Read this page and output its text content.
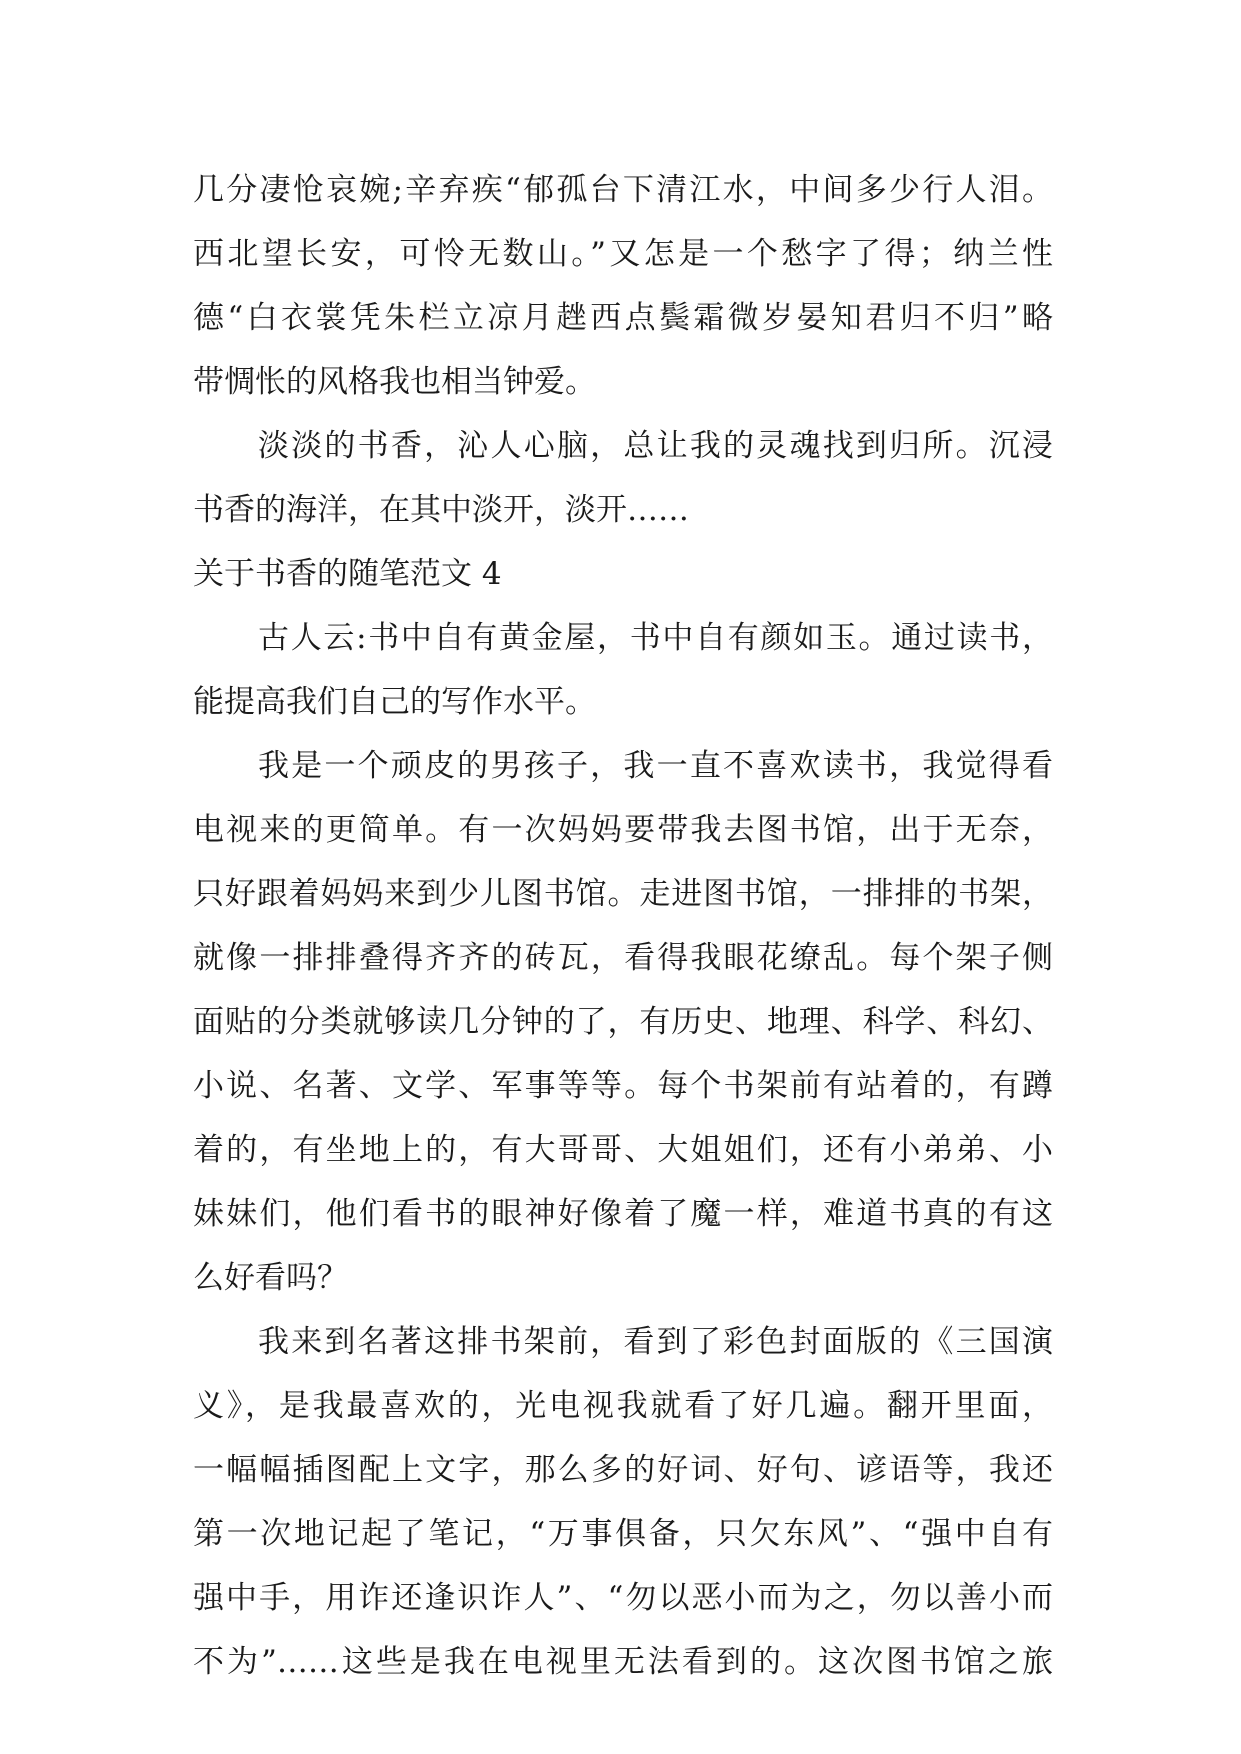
几分凄怆哀婉;辛弃疾“郁孤台下清江水，中间多少行人泪。
西北望长安，可怜无数山。”又怎是一个愁字了得；纳兰性
德“白衣裳凭朱栏立凉月趖西点鬓霜微岁晏知君归不归”略
带惆怅的风格我也相当钟爱。
淡淡的书香，沁人心脑，总让我的灵魂找到归所。沉浸
书香的海洋，在其中淡开，淡开……
关于书香的随笔范文 4
古人云:书中自有黄金屋，书中自有颜如玉。通过读书，
能提高我们自己的写作水平。
我是一个顽皮的男孩子，我一直不喜欢读书，我觉得看
电视来的更简单。有一次妈妈要带我去图书馆，出于无奈，
只好跟着妈妈来到少儿图书馆。走进图书馆，一排排的书架，
就像一排排叠得齐齐的砖瓦，看得我眼花缭乱。每个架子侧
面贴的分类就够读几分钟的了，有历史、地理、科学、科幻、
小说、名著、文学、军事等等。每个书架前有站着的，有蹲
着的，有坐地上的，有大哥哥、大姐姐们，还有小弟弟、小
妹妹们，他们看书的眼神好像着了魔一样，难道书真的有这
么好看吗？
我来到名著这排书架前，看到了彩色封面版的《三国演
义》，是我最喜欢的，光电视我就看了好几遍。翻开里面，
一幅幅插图配上文字，那么多的好词、好句、谚语等，我还
第一次地记起了笔记，“万事俱备，只欠东风”、“强中自有
强中手，用诈还逢识诈人”、“勿以恶小而为之，勿以善小而
不为”……这些是我在电视里无法看到的。这次图书馆之旅
